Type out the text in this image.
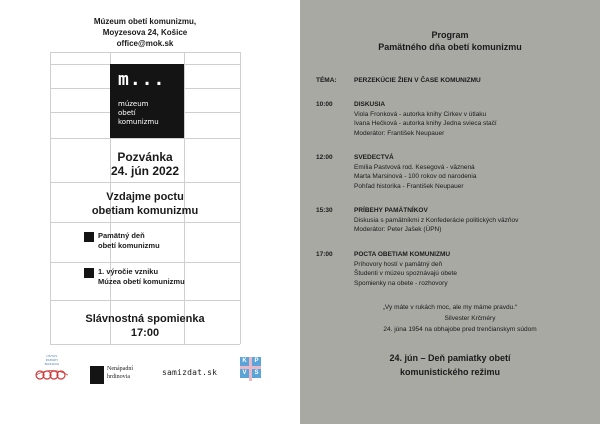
Múzeum obetí komunizmu,
Moyzesova 24, Košice
office@mok.sk
m...
múzeum
obetí
komunizmu
Pozvánka
24. jún 2022
Vzdajme poctu
obetiam komunizmu
Pamätný deň
obetí komunizmu
1. výročie vzniku
Múzea obetí komunizmu
Slávnostná spomienka
17:00
ÚSTAV
PAMÄTI
NÁRODA
Nenápadní
hrdinovia	samizdat.sk
K	P
V	S
Program
Pamätného dňa obetí komunizmu
TÉMA:	PERZEKÚCIE ŽIEN V ČASE KOMUNIZMU
10:00	DISKUSIA
Viola Fronková - autorka knihy Cirkev v útlaku
Ivana Hečková - autorka knihy Jedna svieca stačí
Moderátor: František Neupauer
12:00	SVEDECTVÁ
Emília Pastvová rod. Kesegová - väznená
Marta Marsinová - 100 rokov od narodenia
Pohľad historika - František Neupauer
15:30	PRÍBEHY PAMÄTNÍKOV
Diskusia s pamätníkmi z Konfederácie politických väzňov
Moderátor: Peter Jašek (ÚPN)
17:00	POCTA OBETIAM KOMUNIZMU
Príhovory hostí v pamätný deň
Študenti v múzeu spoznávajú obete
Spomienky na obete - rozhovory
„Vy máte v rukách moc, ale my máme pravdu.“
Silvester Krčméry
24. júna 1954 na obhajobe pred trenčianskym súdom
24. jún – Deň pamiatky obetí
komunistického režimu
